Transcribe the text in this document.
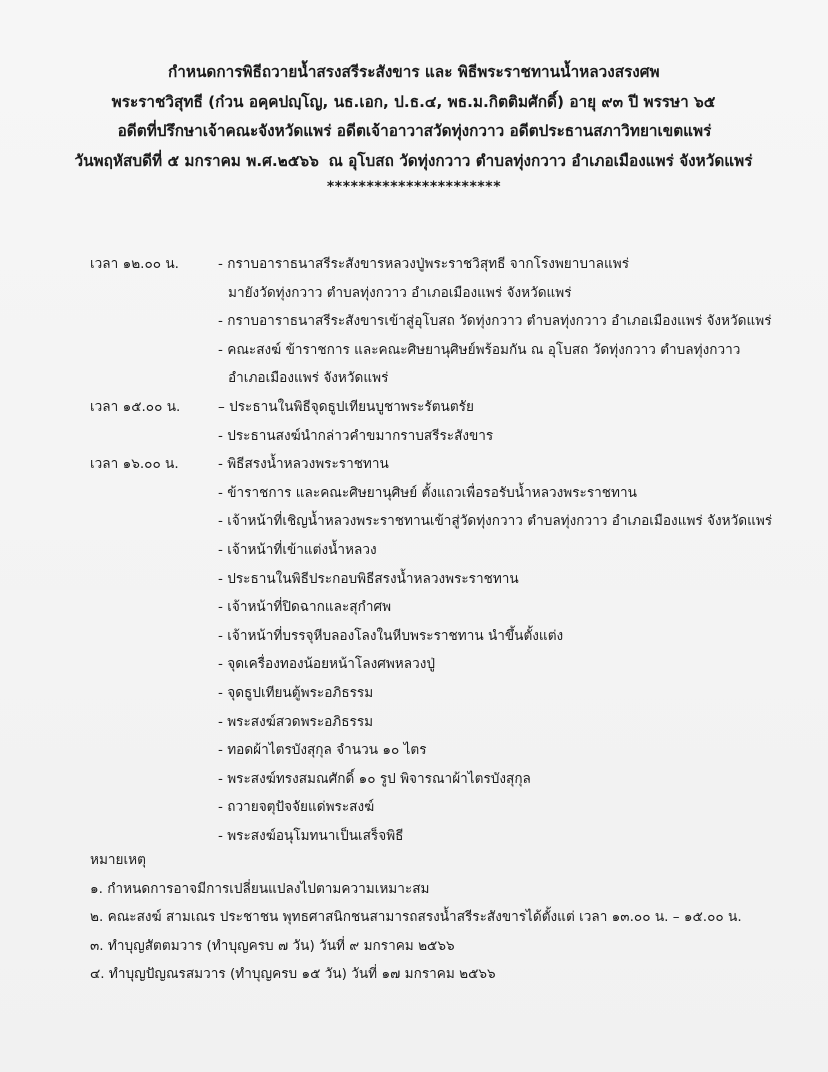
กำหนดการพิธีถวายน้ำสรงสรีระสังขาร และ พิธีพระราชทานน้ำหลวงสรงศพ พระราชวิสุทธี (ก๋วน อคฺคปญฺโญ, นธ.เอก, ป.ธ.๔, พธ.ม.กิตติมศักดิ์) อายุ ๙๓ ปี พรรษา ๖๕ อดีตที่ปรึกษาเจ้าคณะจังหวัดแพร่ อดีตเจ้าอาวาสวัดทุ่งกวาว อดีตประธานสภาวิทยาเขตแพร่ วันพฤหัสบดีที่ ๕ มกราคม พ.ศ.๒๕๖๖ ณ อุโบสถ วัดทุ่งกวาว ตำบลทุ่งกวาว อำเภอเมืองแพร่ จังหวัดแพร่
**********************
เวลา ๑๒.๐๐ น.	- กราบอาราธนาสรีระสังขารหลวงปู่พระราชวิสุทธี จากโรงพยาบาลแพร่
มายังวัดทุ่งกวาว ตำบลทุ่งกวาว อำเภอเมืองแพร่ จังหวัดแพร่
- กราบอาราธนาสรีระสังขารเข้าสู่อุโบสถ วัดทุ่งกวาว ตำบลทุ่งกวาว อำเภอเมืองแพร่ จังหวัดแพร่
- คณะสงฆ์ ข้าราชการ และคณะศิษยานุศิษย์พร้อมกัน ณ อุโบสถ วัดทุ่งกวาว ตำบลทุ่งกวาว
อำเภอเมืองแพร่ จังหวัดแพร่
เวลา ๑๕.๐๐ น.	– ประธานในพิธีจุดธูปเทียนบูชาพระรัตนตรัย
- ประธานสงฆ์นำกล่าวคำขมากราบสรีระสังขาร
เวลา ๑๖.๐๐ น.	- พิธีสรงน้ำหลวงพระราชทาน
- ข้าราชการ และคณะศิษยานุศิษย์ ตั้งแถวเพื่อรอรับน้ำหลวงพระราชทาน
- เจ้าหน้าที่เชิญน้ำหลวงพระราชทานเข้าสู่วัดทุ่งกวาว ตำบลทุ่งกวาว อำเภอเมืองแพร่ จังหวัดแพร่
- เจ้าหน้าที่เข้าแต่งน้ำหลวง
- ประธานในพิธีประกอบพิธีสรงน้ำหลวงพระราชทาน
- เจ้าหน้าที่ปิดฉากและสุกำศพ
- เจ้าหน้าที่บรรจุหีบลองโลงในหีบพระราชทาน นำขึ้นตั้งแต่ง
- จุดเครื่องทองน้อยหน้าโลงศพหลวงปู่
- จุดธูปเทียนตู้พระอภิธรรม
- พระสงฆ์สวดพระอภิธรรม
- ทอดผ้าไตรบังสุกุล จำนวน ๑๐ ไตร
- พระสงฆ์ทรงสมณศักดิ์ ๑๐ รูป พิจารณาผ้าไตรบังสุกุล
- ถวายจตุปัจจัยแด่พระสงฆ์
- พระสงฆ์อนุโมทนาเป็นเสร็จพิธี
หมายเหตุ
๑. กำหนดการอาจมีการเปลี่ยนแปลงไปตามความเหมาะสม
๒. คณะสงฆ์ สามเณร ประชาชน พุทธศาสนิกชนสามารถสรงน้ำสรีระสังขารได้ตั้งแต่ เวลา ๑๓.๐๐ น. – ๑๕.๐๐ น.
๓. ทำบุญสัตตมวาร (ทำบุญครบ ๗ วัน) วันที่ ๙ มกราคม ๒๕๖๖
๔. ทำบุญปัญณรสมวาร (ทำบุญครบ ๑๕ วัน) วันที่ ๑๗ มกราคม ๒๕๖๖
